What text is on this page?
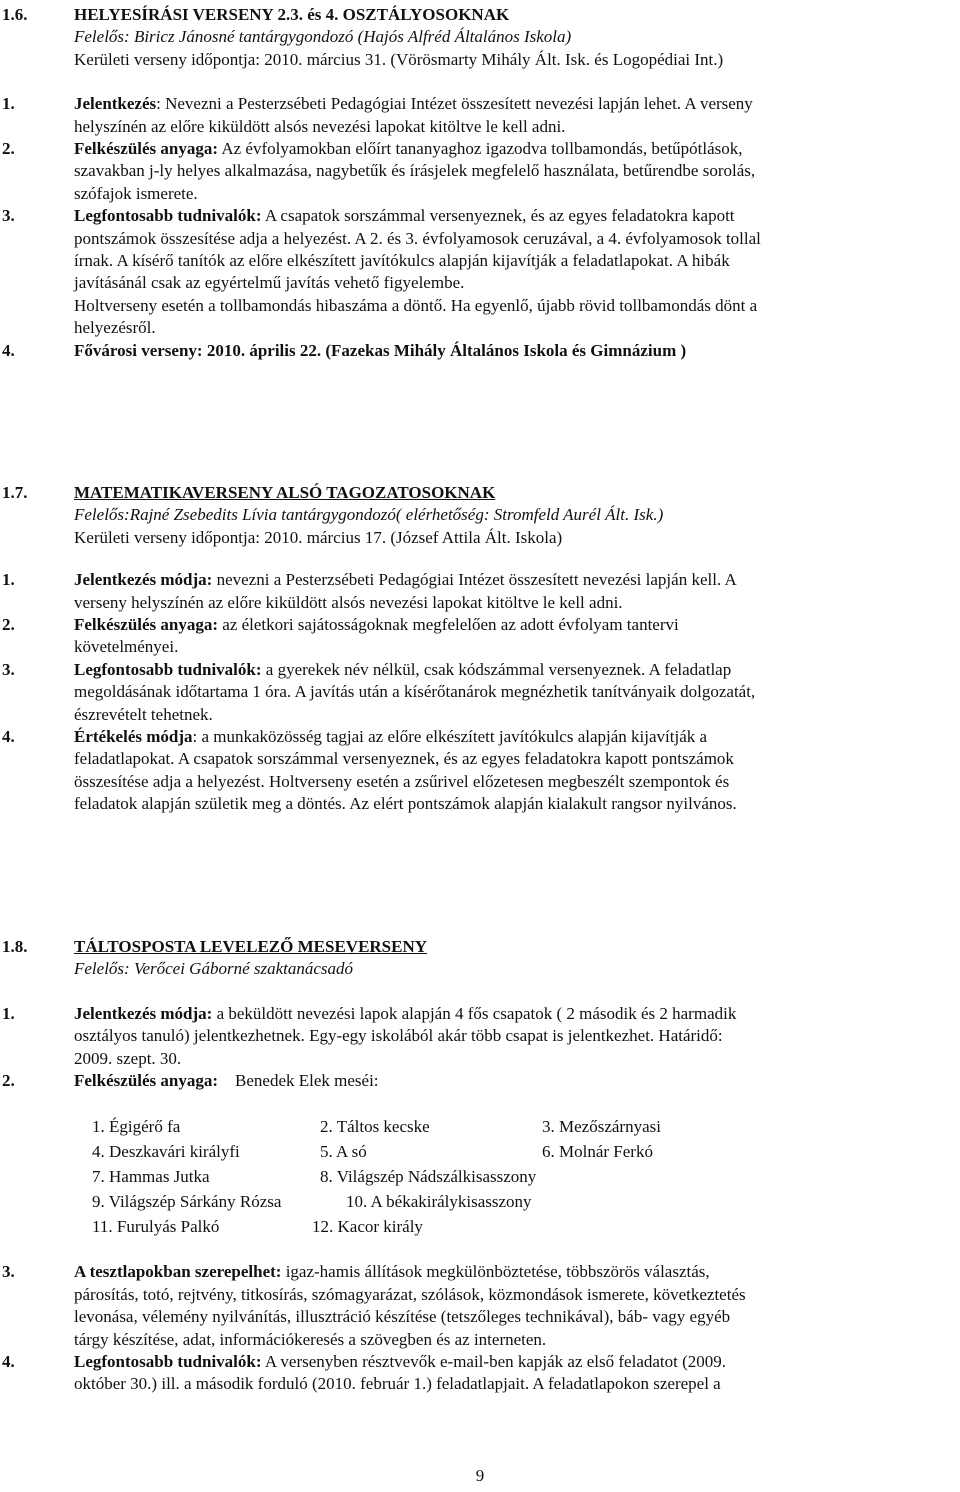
1.6.	HELYESÍRÁSI VERSENY 2.3. és 4. OSZTÁLYOSOKNAK
Felelős: Biricz Jánosné tantárgygondozó (Hajós Alfréd Általános Iskola)
Kerületi verseny időpontja: 2010. március 31. (Vörösmarty Mihály Ált. Isk. és Logopédiai Int.)
1.	Jelentkezés: Nevezni a Pesterzsébeti Pedagógiai Intézet összesített nevezési lapján lehet. A verseny
helyszínén az előre kiküldött alsós nevezési lapokat kitöltve le kell adni.
2.	Felkészülés anyaga: Az évfolyamokban előírt tananyaghoz igazodva tollbamondás, betűpótlások,
szavakban j-ly helyes alkalmazása, nagybetűk és írásjelek megfelelő használata, betűrendbe sorolás,
szófajok ismerete.
3.	Legfontosabb tudnivalók: A csapatok sorszámmal versenyeznek, és az egyes feladatokra kapott
pontszámok összesítése adja a helyezést. A 2. és 3. évfolyamosok ceruzával, a 4. évfolyamosok tollal
írnak. A kísérő tanítók az előre elkészített javítókulcs alapján kijavítják a feladatlapokat. A hibák
javításánál csak az egyértelmű javítás vehető figyelembe.
Holtverseny esetén a tollbamondás hibaszáma a döntő. Ha egyenlő, újabb rövid tollbamondás dönt a
helyezésről.
4.	Fővárosi verseny: 2010. április 22. (Fazekas Mihály Általános Iskola és Gimnázium )
1.7.	MATEMATIKAVERSENY ALSÓ TAGOZATOSOKNAK
Felelős:Rajné Zsebedits Lívia tantárgygondozó( elérhetőség: Stromfeld Aurél Ált. Isk.)
Kerületi verseny időpontja: 2010. március 17. (József Attila Ált. Iskola)
1.	Jelentkezés módja: nevezni a Pesterzsébeti Pedagógiai Intézet összesített nevezési lapján kell. A
verseny helyszínén az előre kiküldött alsós nevezési lapokat kitöltve le kell adni.
2.	Felkészülés anyaga: az életkori sajátosságoknak megfelelően az adott évfolyam tantervi
követelményei.
3.	Legfontosabb tudnivalók: a gyerekek név nélkül, csak kódszámmal versenyeznek. A feladatlap
megoldásának időtartama 1 óra. A javítás után a kísérőtanárok megnézhetik tanítványaik dolgozatát,
észrevételt tehetnek.
4.	Értékelés módja: a munkaközösség tagjai az előre elkészített javítókulcs alapján kijavítják a
feladatlapokat. A csapatok sorszámmal versenyeznek, és az egyes feladatokra kapott pontszámok
összesítése adja a helyezést. Holtverseny esetén a zsűrivel előzetesen megbeszélt szempontok és
feladatok alapján születik meg a döntés. Az elért pontszámok alapján kialakult rangsor nyilvános.
1.8.	TÁLTOSPOSTA LEVELEZŐ MESEVERSENY
Felelős: Verőcei Gáborné szaktanácsadó
1.	Jelentkezés módja: a beküldött nevezési lapok alapján 4 fős csapatok ( 2 második és 2 harmadik
osztályos tanuló) jelentkezhetnek. Egy-egy iskolából akár több csapat is jelentkezhet. Határidő:
2009. szept. 30.
2.	Felkészülés anyaga:    Benedek Elek meséi:
1. Égigérő fa	2. Táltos kecske	3. Mezőszárnyasi
4. Deszkavári királyfi	5. A só	6. Molnár Ferkó
7. Hammas Jutka	8. Világszép Nádszálkisasszony
9. Világszép Sárkány Rózsa	10. A békakirálykisasszony
11. Furulyás Palkó	12. Kacor király
3.	A tesztlapokban szerepelhet: igaz-hamis állítások megkülönböztetése, többszörös választás,
párosítás, totó, rejtvény, titkosírás, szómagyarázat, szólások, közmondások ismerete, következtetés
levonása, vélemény nyilvánítás, illusztráció készítése (tetszőleges technikával), báb- vagy egyéb
tárgy készítése, adat, információkeresés a szövegben és az interneten.
4.	Legfontosabb tudnivalók: A versenyben résztvevők e-mail-ben kapják az első feladatot (2009.
október 30.) ill. a második forduló (2010. február 1.) feladatlapjait. A feladatlapokon szerepel a
9
